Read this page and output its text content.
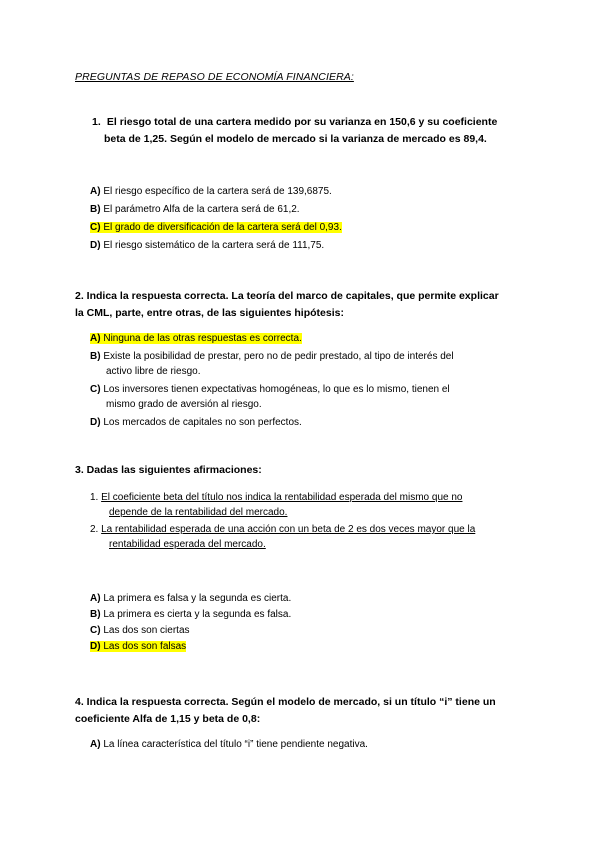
PREGUNTAS DE REPASO DE ECONOMÍA FINANCIERA:
1. El riesgo total de una cartera medido por su varianza en 150,6 y su coeficiente
beta de 1,25. Según el modelo de mercado si la varianza de mercado es 89,4.

A) El riesgo específico de la cartera será de 139,6875.

B) El parámetro Alfa de la cartera será de 61,2.

C) El grado de diversificación de la cartera será del 0,93.

D) El riesgo sistemático de la cartera será de 111,75.

2. Indica la respuesta correcta. La teoría del marco de capitales, que permite explicar
la CML, parte, entre otras, de las siguientes hipótesis:

A) Ninguna de las otras respuestas es correcta.

B) Existe la posibilidad de prestar, pero no de pedir prestado, al tipo de interés del
activo libre de riesgo.

C) Los inversores tienen expectativas homogéneas, lo que es lo mismo, tienen el
mismo grado de aversión al riesgo.

D) Los mercados de capitales no son perfectos.

3. Dadas las siguientes afirmaciones:
1. El coeficiente beta del título nos indica la rentabilidad esperada del mismo que no
depende de la rentabilidad del mercado.
2. La rentabilidad esperada de una acción con un beta de 2 es dos veces mayor que la
rentabilidad esperada del mercado.

A) La primera es falsa y la segunda es cierta.

B) La primera es cierta y la segunda es falsa.

C) Las dos son ciertas

D) Las dos son falsas

4. Indica la respuesta correcta. Según el modelo de mercado, si un título “i” tiene un
coeficiente Alfa de 1,15 y beta de 0,8:

A) La línea característica del título “i” tiene pendiente negativa.
